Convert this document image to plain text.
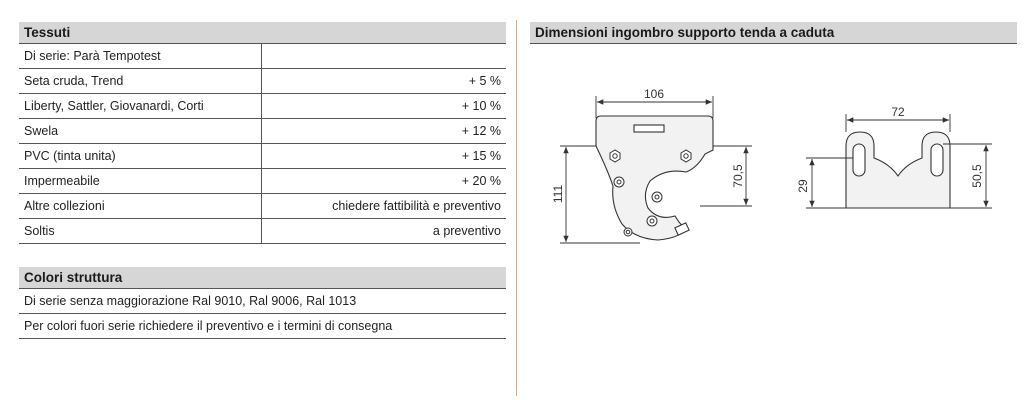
Tessuti
Di serie: Parà Tempotest	
Seta cruda, Trend	+ 5 %
Liberty, Sattler, Giovanardi, Corti	+ 10 %
Swela	+ 12 %
PVC (tinta unita)	+ 15 %
Impermeabile	+ 20 %
Altre collezioni	chiedere fattibilità e preventivo
Soltis	a preventivo
Colori struttura
Di serie senza maggiorazione Ral 9010, Ral 9006, Ral 1013
Per colori fuori serie richiedere il preventivo e i termini di consegna
Dimensioni ingombro supporto tenda a caduta
106
111
70,5
72
29	50,5
